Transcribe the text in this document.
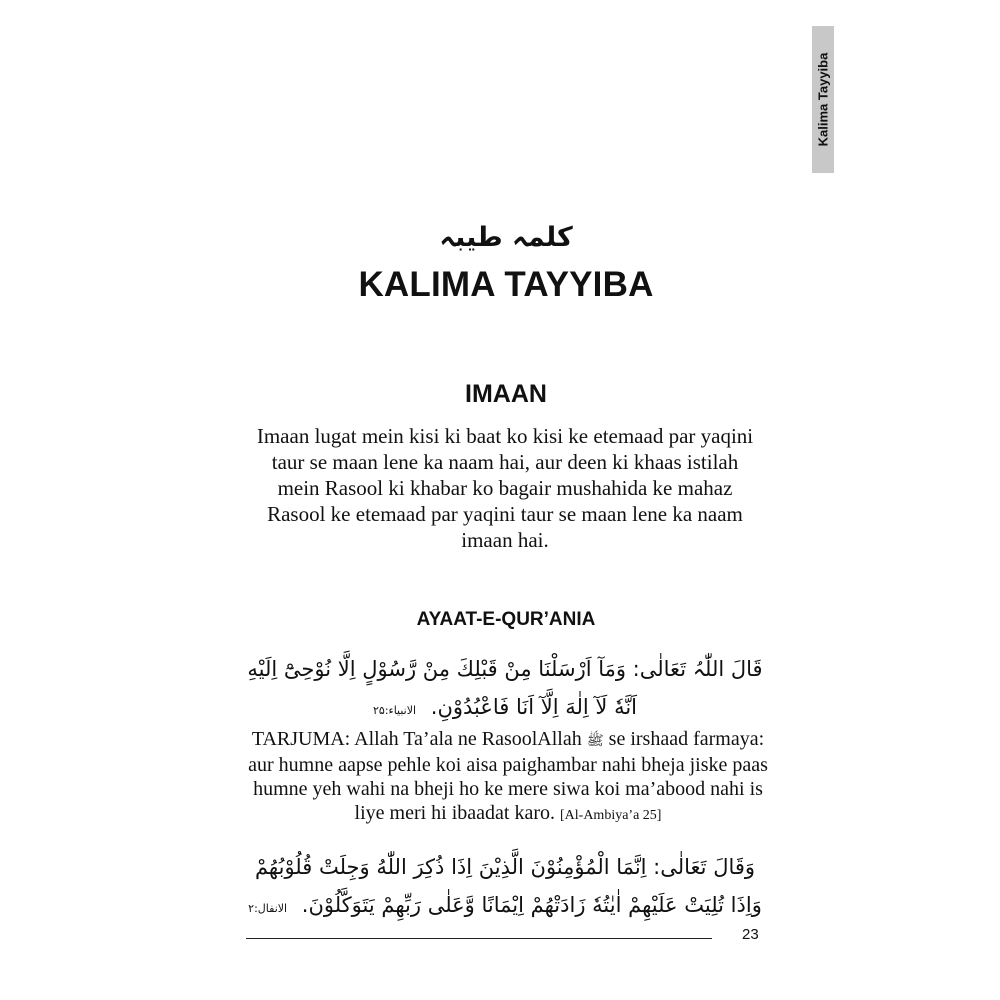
Kalima Tayyiba
کلمہ طیبہ
KALIMA TAYYIBA
IMAAN
Imaan lugat mein kisi ki baat ko kisi ke etemaad par yaqini taur se maan lene ka naam hai, aur deen ki khaas istilah mein Rasool ki khabar ko bagair mushahida ke mahaz Rasool ke etemaad par yaqini taur se maan lene ka naam imaan hai.
AYAAT-E-QUR’ANIA
قَالَ اللّٰہُ تَعَالٰی: وَمَآ اَرْسَلْنَا مِنْ قَبْلِكَ مِنْ رَّسُوْلٍ اِلَّا نُوْحِیْٓ اِلَیْهِ اَنَّهٗ لَآ اِلٰهَ اِلَّآ اَنَا فَاعْبُدُوْنِ. الانبیاء:۲۵
TARJUMA: Allah Ta’ala ne RasoolAllah ﷺ se irshaad farmaya: aur humne aapse pehle koi aisa paighambar nahi bheja jiske paas humne yeh wahi na bheji ho ke mere siwa koi ma’abood nahi is liye meri hi ibaadat karo. [Al-Ambiya’a 25]
وَقَالَ تَعَالٰی: اِنَّمَا الْمُؤْمِنُوْنَ الَّذِیْنَ اِذَا ذُكِرَ اللّٰهُ وَجِلَتْ قُلُوْبُهُمْ وَاِذَا تُلِیَتْ عَلَیْهِمْ اٰیٰتُهٗ زَادَتْهُمْ اِیْمَانًا وَّعَلٰی رَبِّهِمْ یَتَوَكَّلُوْنَ. الانفال:۲
23
